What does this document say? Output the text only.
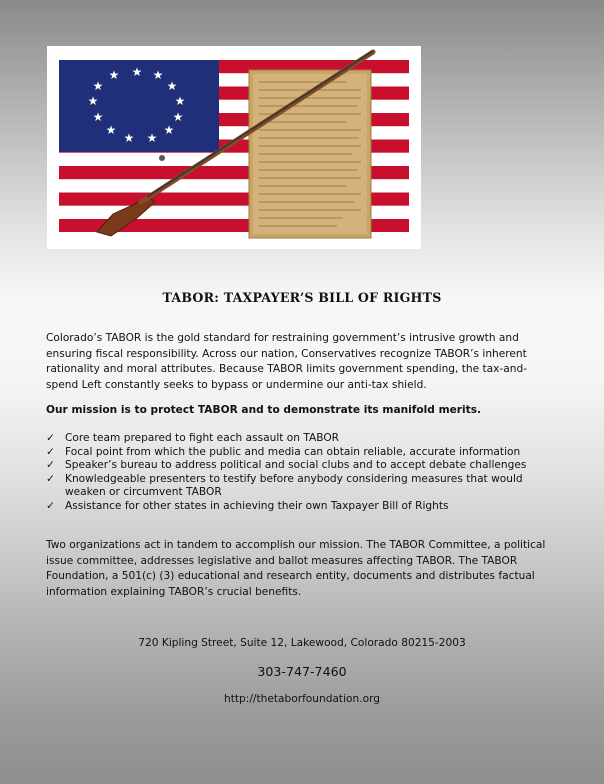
★ ★
★
★
★
★
★
★
★
★
★
★
★
TABOR: TAXPAYER’S BILL OF RIGHTS

Colorado’s TABOR is the gold standard for restraining government’s intrusive growth and ensuring fiscal responsibility. Across our nation, Conservatives recognize TABOR’s inherent rationality and moral attributes. Because TABOR limits government spending, the tax-and-spend Left constantly seeks to bypass or undermine our anti-tax shield.

Our mission is to protect TABOR and to demonstrate its manifold merits.

✓ Core team prepared to fight each assault on TABOR
✓ Focal point from which the public and media can obtain reliable, accurate information
✓ Speaker’s bureau to address political and social clubs and to accept debate challenges
✓ Knowledgeable presenters to testify before anybody considering measures that would weaken or circumvent TABOR
✓ Assistance for other states in achieving their own Taxpayer Bill of Rights

Two organizations act in tandem to accomplish our mission. The TABOR Committee, a political issue committee, addresses legislative and ballot measures affecting TABOR. The TABOR Foundation, a 501(c) (3) educational and research entity, documents and distributes factual information explaining TABOR’s crucial benefits.

720 Kipling Street, Suite 12, Lakewood, Colorado 80215-2003
303-747-7460
http://thetaborfoundation.org
